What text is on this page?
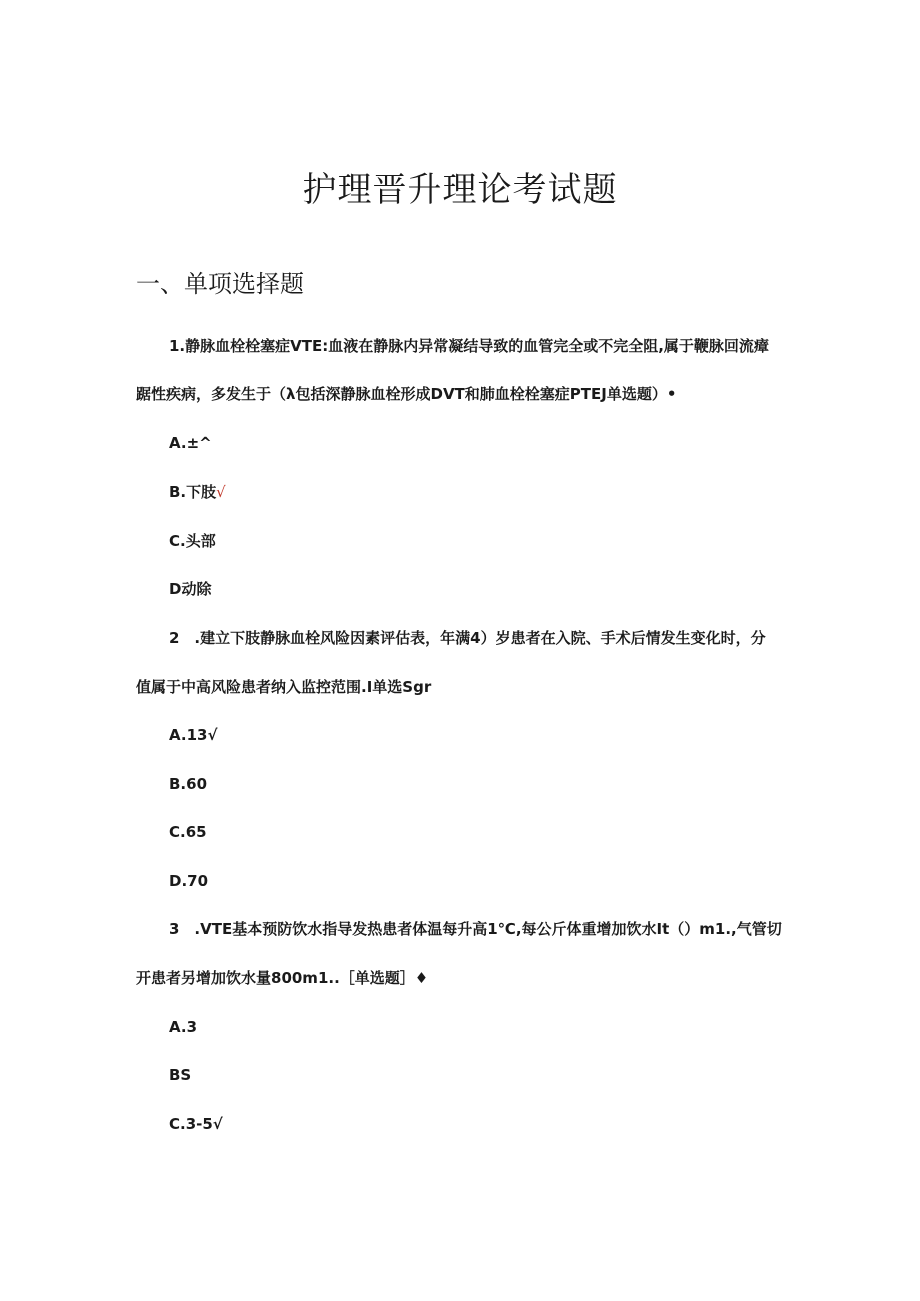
护理晋升理论考试题
一、单项选择题
1.静脉血栓栓塞症VTE:血液在静脉内异常凝结导致的血管完全或不完全阻,属于鞭脉回流瘴
踞性疾病，多发生于（λ包括深静脉血栓形成DVT和肺血栓栓塞症PTEJ单选题）•
A.±^
B.下肢√
C.头部
D动除
2　.建立下肢静脉血栓风险因素评估表，年满4）岁患者在入院、手术后情发生变化时，分
值属于中高风险患者纳入监控范围.I单选Sgr
A.13√
B.60
C.65
D.70
3　.VTE基本预防饮水指导发热患者体温每升高1℃,每公斤体重增加饮水It（）m1.,气管切
开患者另增加饮水量800m1..［单选题］♦
A.3
BS
C.3-5√
